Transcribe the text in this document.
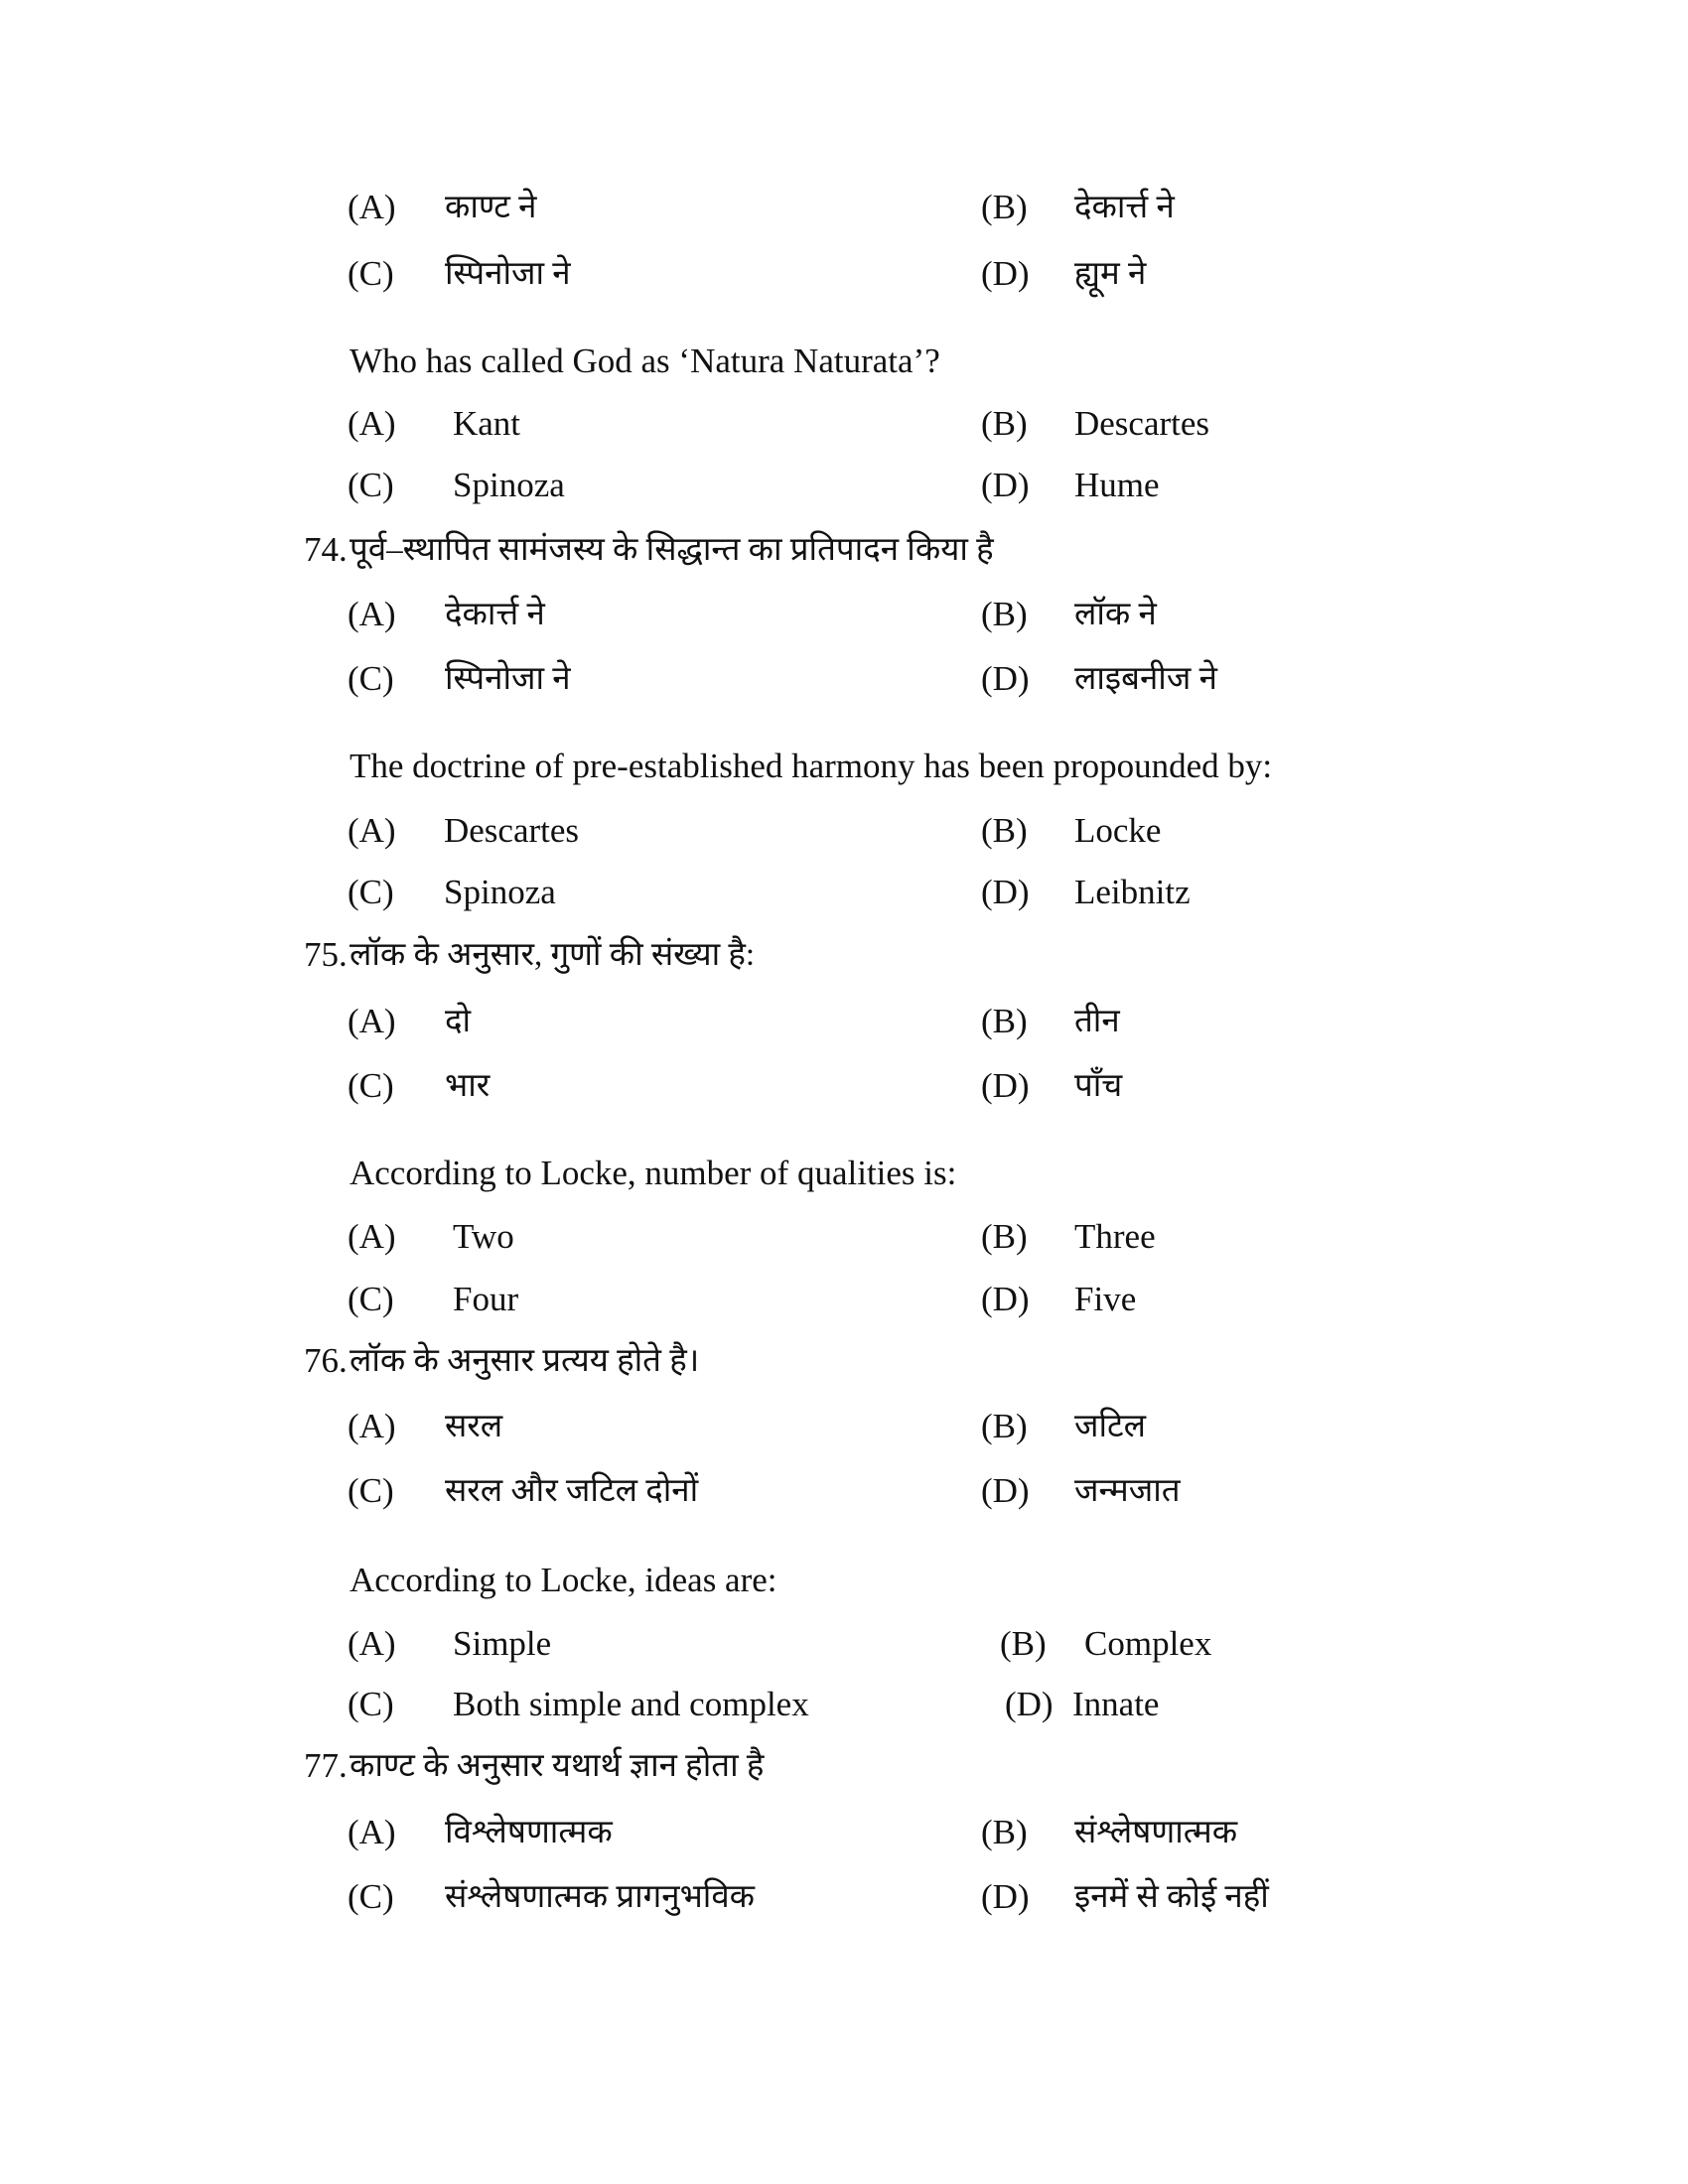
(A) काण्ट ने	(B) देकार्त्त ने
(C) स्पिनोजा ने	(D) ह्यूम ने
Who has called God as ‘Natura Naturata’?
(A) Kant	(B) Descartes
(C) Spinoza	(D) Hume
74. पूर्व–स्थापित सामंजस्य के सिद्धान्त का प्रतिपादन किया है
(A) देकार्त्त ने	(B) लॉक ने
(C) स्पिनोजा ने	(D) लाइबनीज ने
The doctrine of pre-established harmony has been propounded by:
(A) Descartes	(B) Locke
(C) Spinoza	(D) Leibnitz
75. लॉक के अनुसार, गुणों की संख्या है:
(A) दो	(B) तीन
(C) भार	(D) पाँच
According to Locke, number of qualities is:
(A) Two	(B) Three
(C) Four	(D) Five
76. लॉक के अनुसार प्रत्यय होते है।
(A) सरल	(B) जटिल
(C) सरल और जटिल दोनों	(D) जन्मजात
According to Locke, ideas are:
(A) Simple	(B) Complex
(C) Both simple and complex	(D) Innate
77. काण्ट के अनुसार यथार्थ ज्ञान होता है
(A) विश्लेषणात्मक	(B) संश्लेषणात्मक
(C) संश्लेषणात्मक प्रागनुभविक	(D) इनमें से कोई नहीं
